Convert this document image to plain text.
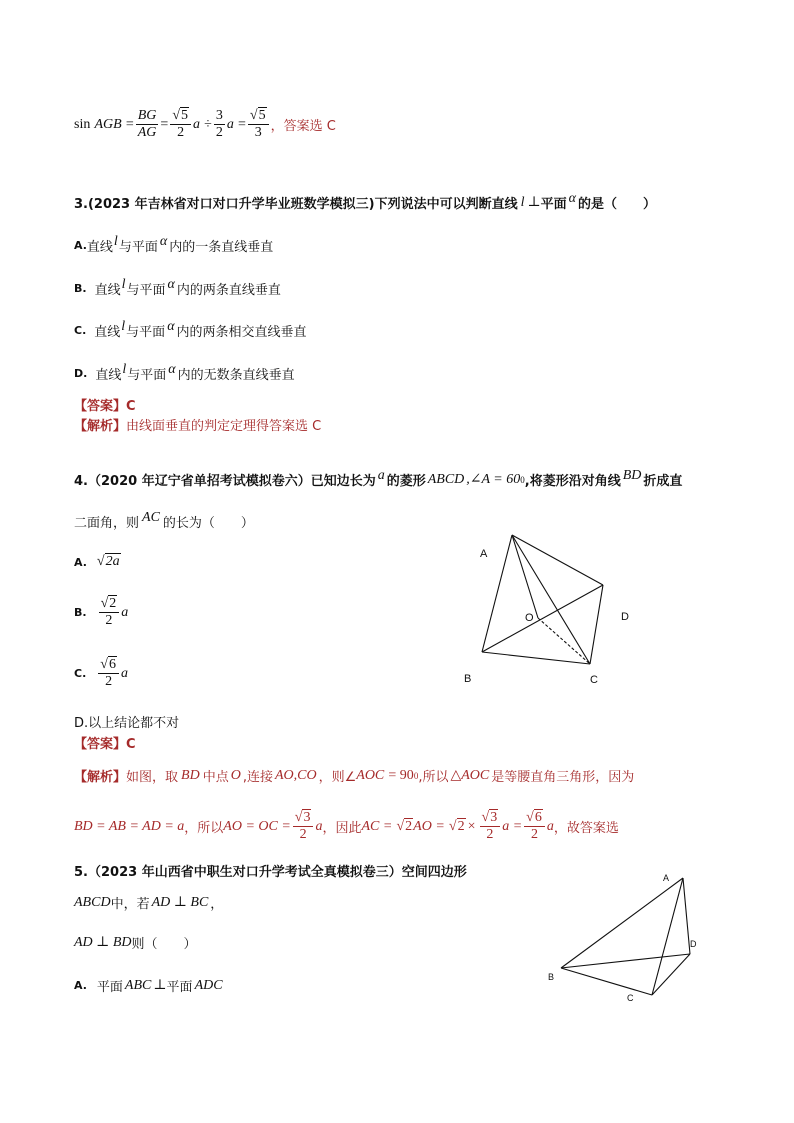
sin
AGB
= $\frac{BG}{AG} = \frac{√5}{2}$ a
÷ $\frac{3}{2}$ a
= $\frac{√5}{3}$ ，答案选 C
3.(2023 年吉林省对口对口升学毕业班数学模拟三)下列说法中可以判断直线 l ⊥ 平面 α 的是（　　）
A. 直线 l 与平面 α 内的一条直线垂直
B. 直线 l 与平面 α 内的两条直线垂直
C. 直线 l 与平面 α 内的两条相交直线垂直
D. 直线 l 与平面 α 内的无数条直线垂直
【答案】C
【解析】由线面垂直的判定定理得答案选 C
4.（2020 年辽宁省单招考试模拟卷六）已知边长为 a 的菱形 ABCD ,∠A = 60 0 ,将菱形沿对角线 BD 折成直
二面角，则 AC 的长为（　　）
A. √2a
B. $\frac{√2}{2}$ a
C. $\frac{√6}{2}$ a
D.以上结论都不对
【答案】C
【解析】 如图，取 BD 中点 O ,连接 AO,CO ，则∠ AOC
= 90 0 ,所以 △AOC 是等腰直角三角形，因为
BD = AB = AD = a ，所以 AO = OC = $\frac{√3}{2}$ a ，因此 AC =
√2 AO =
$√2 \times \frac{√3}{2}$ $a = \frac{√6}{2}$ a ，故答案选
A
B	C
D
O
5.（2023 年山西省中职生对口升学考试全真模拟卷三）空间四边形
ABCD 中，若 AD ⊥ BC ，
AD ⊥ BD 则（　　）
A. 平面 ABC ⊥ 平面 ADC
A
B
C
D
